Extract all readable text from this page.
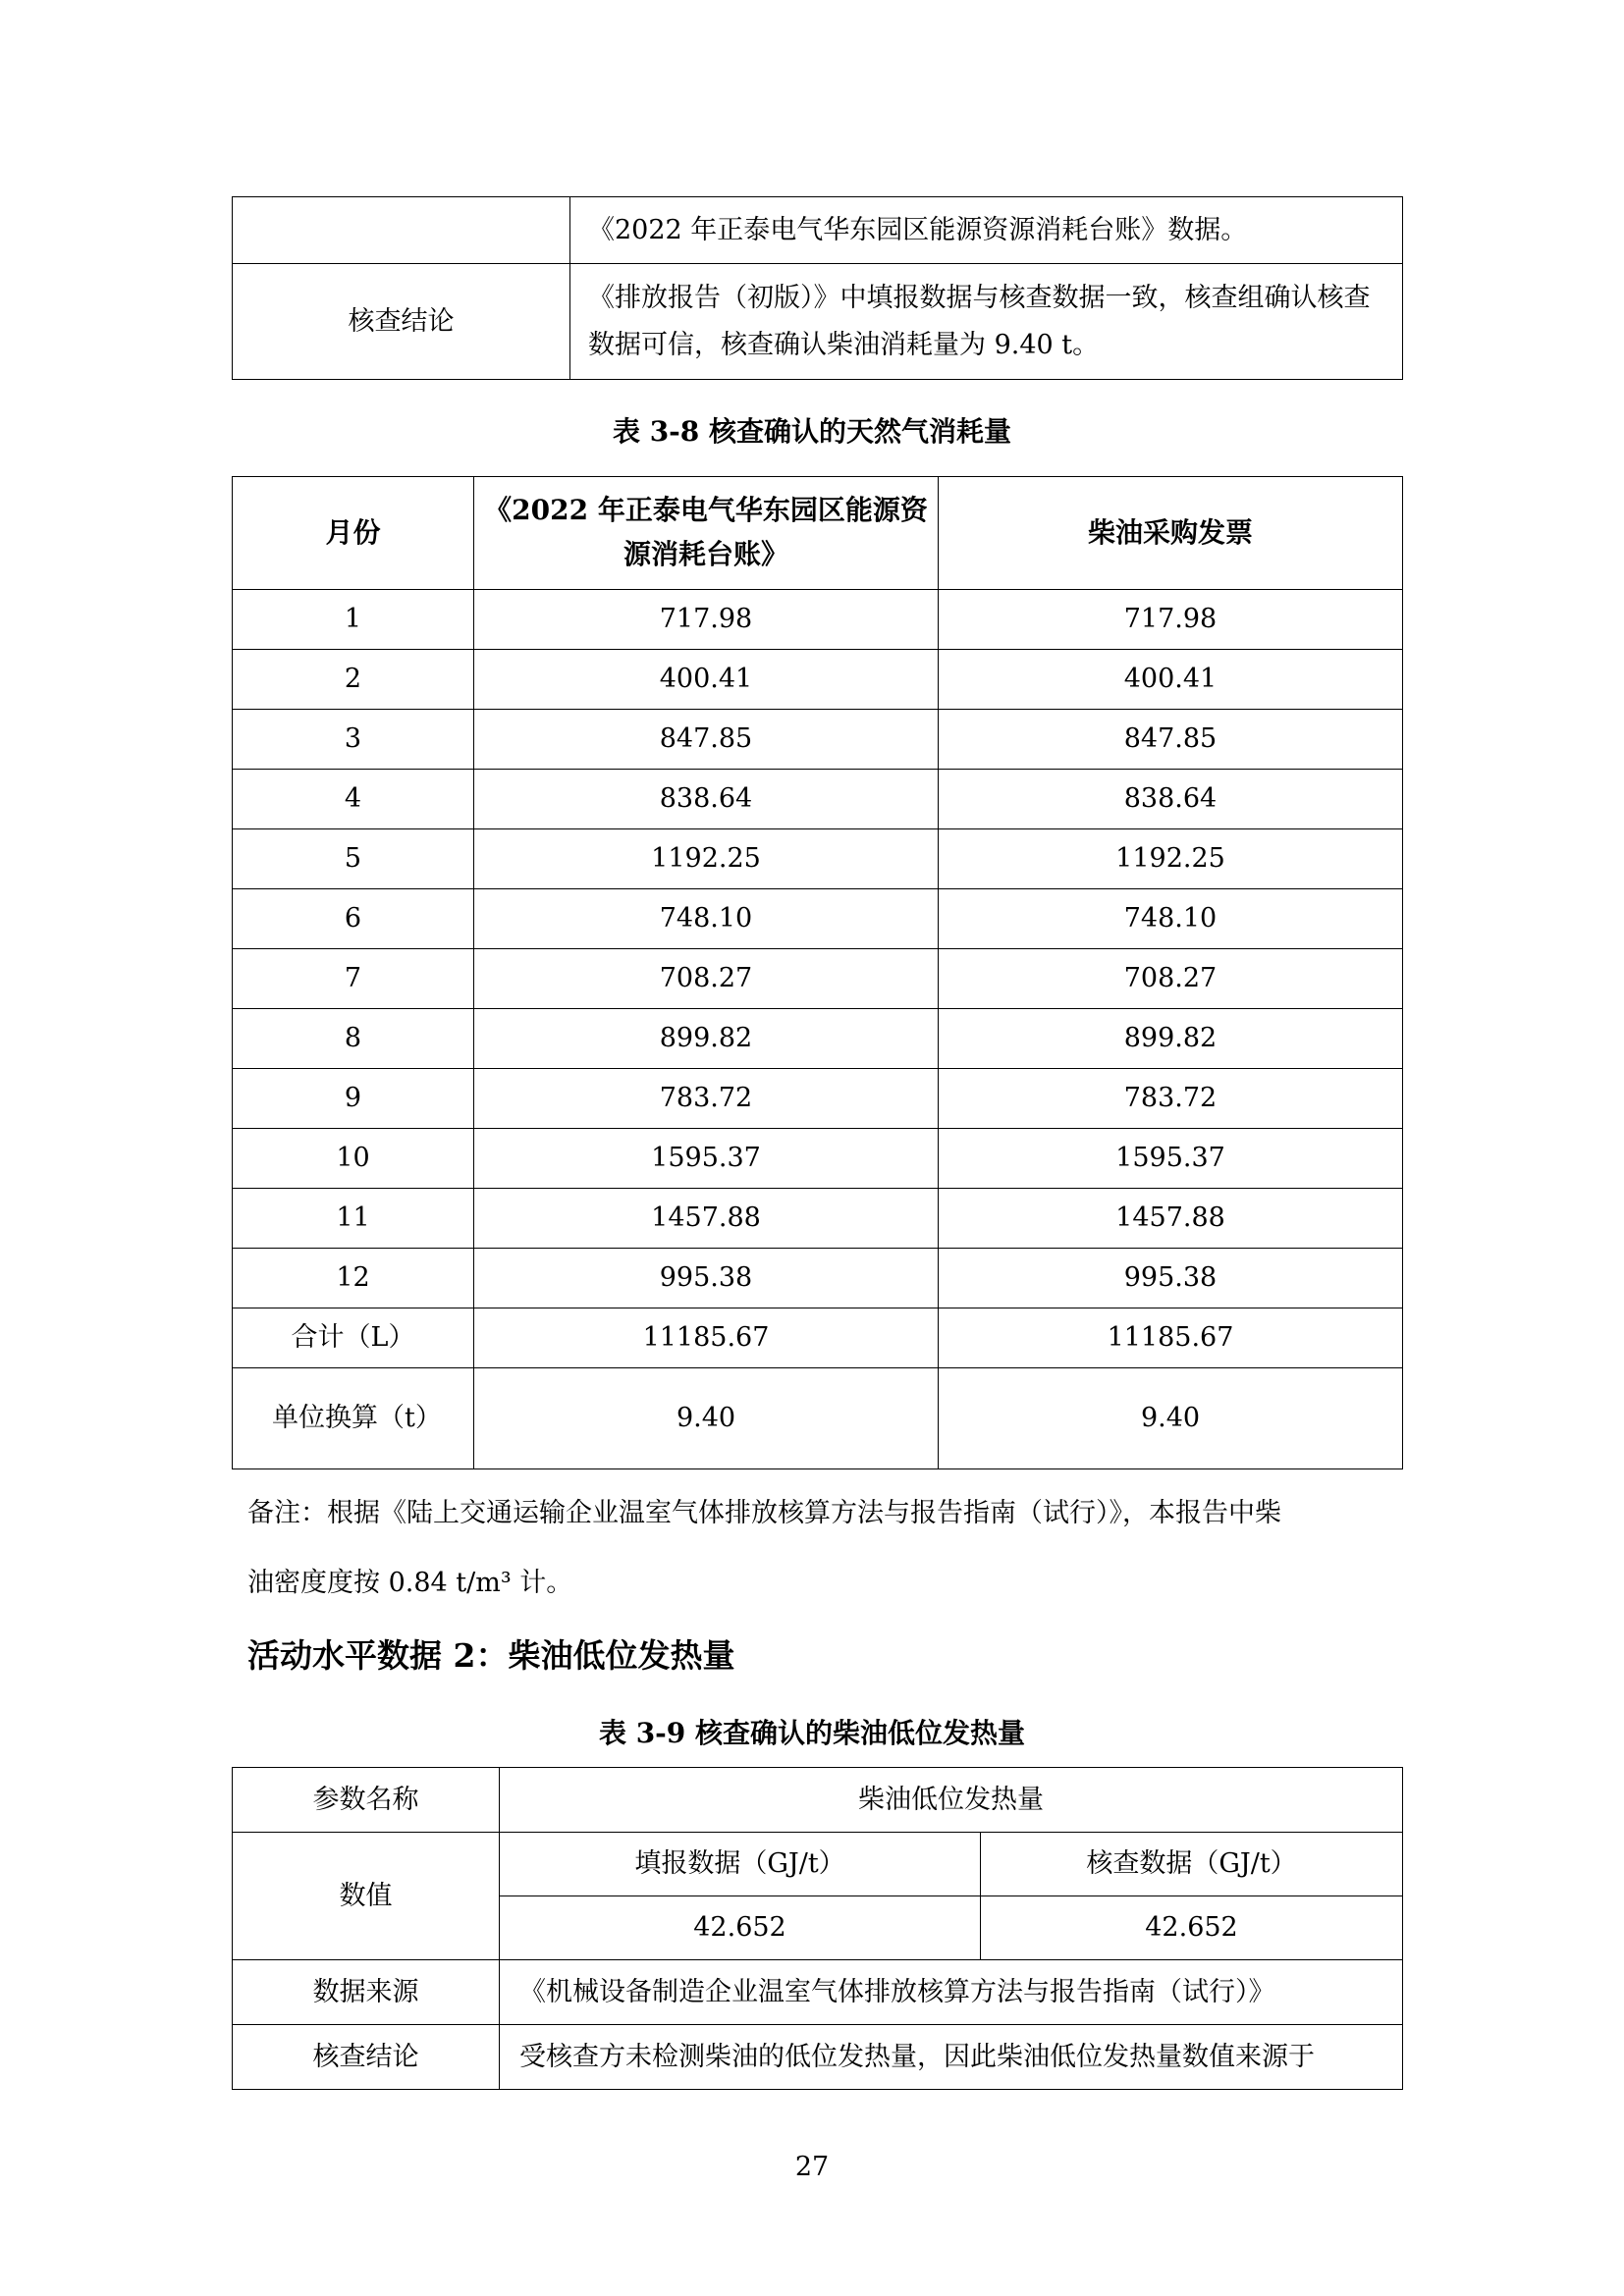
	《2022 年正泰电气华东园区能源资源消耗台账》数据。
核查结论	《排放报告（初版）》中填报数据与核查数据一致，核查组确认核查数据可信，核查确认柴油消耗量为 9.40 t。
表 3-8 核查确认的天然气消耗量
月份	《2022 年正泰电气华东园区能源资源消耗台账》	柴油采购发票
1	717.98	717.98
2	400.41	400.41
3	847.85	847.85
4	838.64	838.64
5	1192.25	1192.25
6	748.10	748.10
7	708.27	708.27
8	899.82	899.82
9	783.72	783.72
10	1595.37	1595.37
11	1457.88	1457.88
12	995.38	995.38
合计（L）	11185.67	11185.67
单位换算（t）	9.40	9.40
备注：根据《陆上交通运输企业温室气体排放核算方法与报告指南（试行）》，本报告中柴
油密度度按 0.84 t/m³ 计。
活动水平数据 2：柴油低位发热量
表 3-9 核查确认的柴油低位发热量
参数名称	柴油低位发热量	
数值	填报数据（GJ/t）	核查数据（GJ/t）
	42.652	42.652
数据来源	《机械设备制造企业温室气体排放核算方法与报告指南（试行）》	
核查结论	受核查方未检测柴油的低位发热量，因此柴油低位发热量数值来源于	
27
